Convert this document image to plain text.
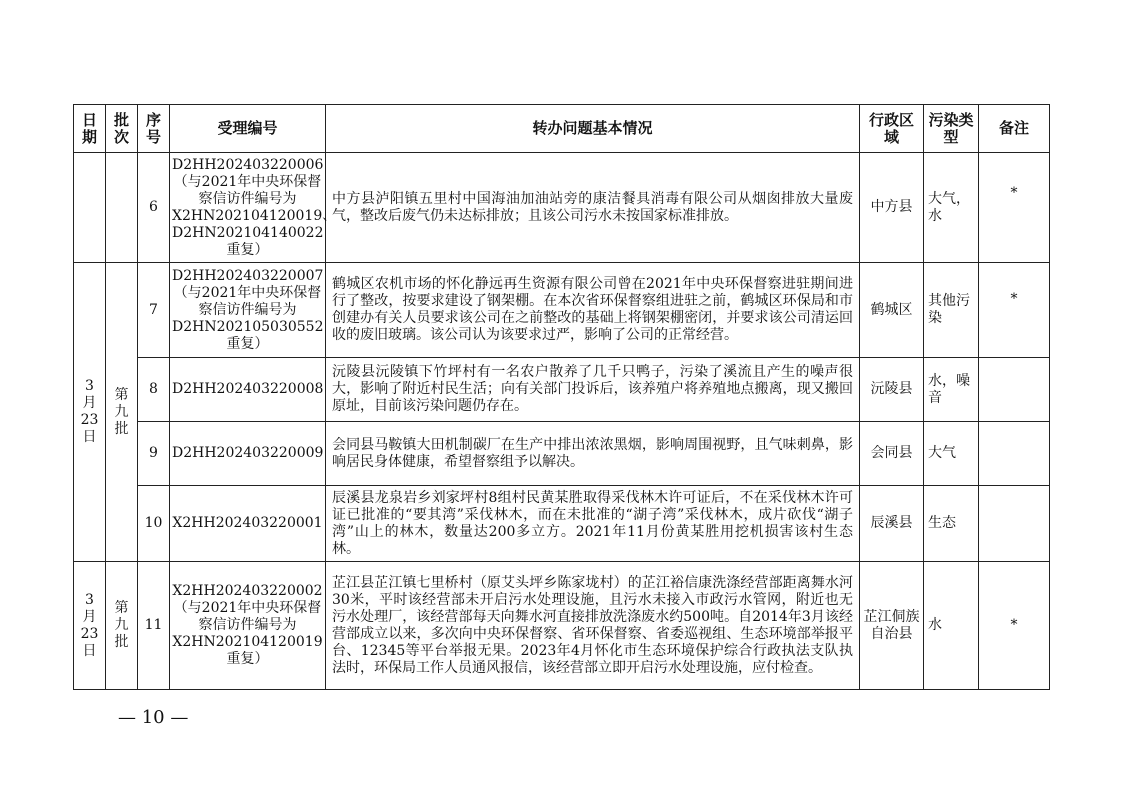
日期	批次	序号	受理编号	转办问题基本情况	行政区域	污染类型	备注
		6	D2HH202403220006（与2021年中央环保督察信访件编号为X2HN202104120019、D2HN202104140022重复）	中方县泸阳镇五里村中国海油加油站旁的康洁餐具消毒有限公司从烟囱排放大量废气，整改后废气仍未达标排放；且该公司污水未按国家标准排放。	中方县	大气，水	*
3月23日	第九批	7	D2HH202403220007（与2021年中央环保督察信访件编号为D2HN202105030552重复）	鹤城区农机市场的怀化静远再生资源有限公司曾在2021年中央环保督察进驻期间进行了整改，按要求建设了钢架棚。在本次省环保督察组进驻之前，鹤城区环保局和市创建办有关人员要求该公司在之前整改的基础上将钢架棚密闭，并要求该公司清运回收的废旧玻璃。该公司认为该要求过严，影响了公司的正常经营。	鹤城区	其他污染	*
		8	D2HH202403220008	沅陵县沅陵镇下竹坪村有一名农户散养了几千只鸭子，污染了溪流且产生的噪声很大，影响了附近村民生活；向有关部门投诉后，该养殖户将养殖地点搬离，现又搬回原址，目前该污染问题仍存在。	沅陵县	水，噪音	
		9	D2HH202403220009	会同县马鞍镇大田机制碳厂在生产中排出浓浓黑烟，影响周围视野，且气味刺鼻，影响居民身体健康，希望督察组予以解决。	会同县	大气	
		10	X2HH202403220001	辰溪县龙泉岩乡刘家坪村8组村民黄某胜取得采伐林木许可证后，不在采伐林木许可证已批准的“要其湾”采伐林木，而在未批准的“湖子湾”采伐林木，成片砍伐“湖子湾”山上的林木，数量达200多立方。2021年11月份黄某胜用挖机损害该村生态林。	辰溪县	生态	
3月23日	第九批	11	X2HH202403220002（与2021年中央环保督察信访件编号为X2HN202104120019重复）	芷江县芷江镇七里桥村（原艾头坪乡陈家垅村）的芷江裕信康洗涤经营部距离舞水河30米，平时该经营部未开启污水处理设施，且污水未接入市政污水管网，附近也无污水处理厂，该经营部每天向舞水河直接排放洗涤废水约500吨。自2014年3月该经营部成立以来，多次向中央环保督察、省环保督察、省委巡视组、生态环境部举报平台、12345等平台举报无果。2023年4月怀化市生态环境保护综合行政执法支队执法时，环保局工作人员通风报信，该经营部立即开启污水处理设施，应付检查。	芷江侗族自治县	水	*
— 10 —
